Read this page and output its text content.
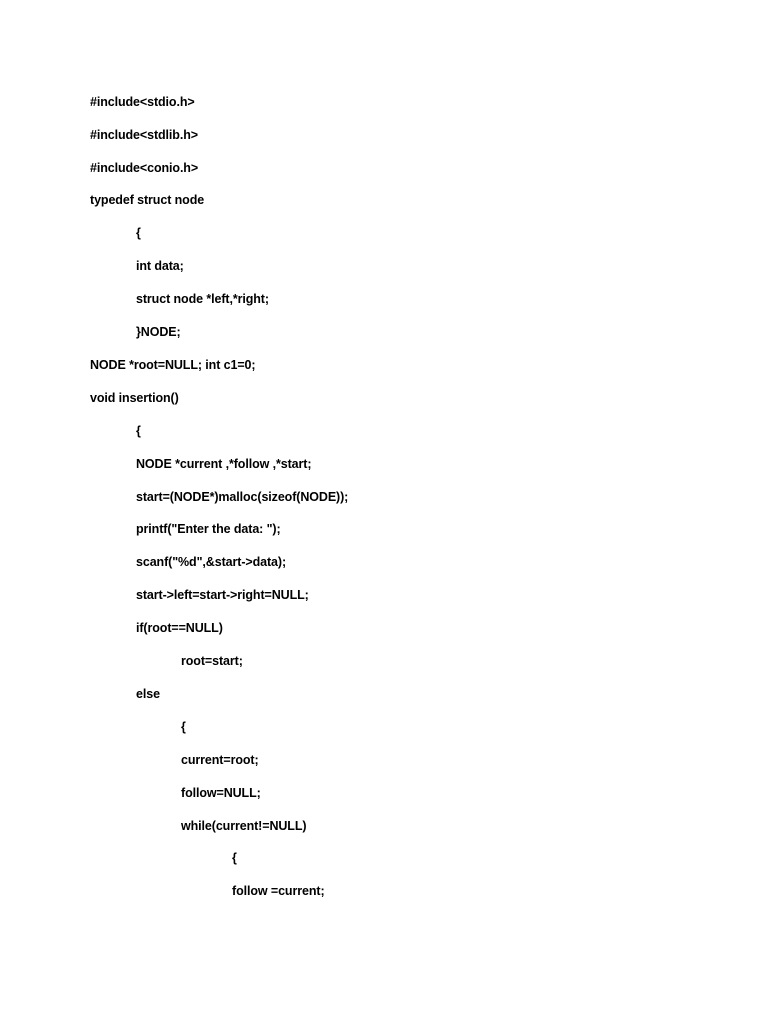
#include<stdio.h>
#include<stdlib.h>
#include<conio.h>
typedef struct node
{
int data;
struct node *left,*right;
}NODE;
NODE *root=NULL; int c1=0;
void insertion()
{
NODE *current ,*follow ,*start;
start=(NODE*)malloc(sizeof(NODE));
printf("Enter the data: ");
scanf("%d",&start->data);
start->left=start->right=NULL;
if(root==NULL)
root=start;
else
{
current=root;
follow=NULL;
while(current!=NULL)
{
follow =current;
